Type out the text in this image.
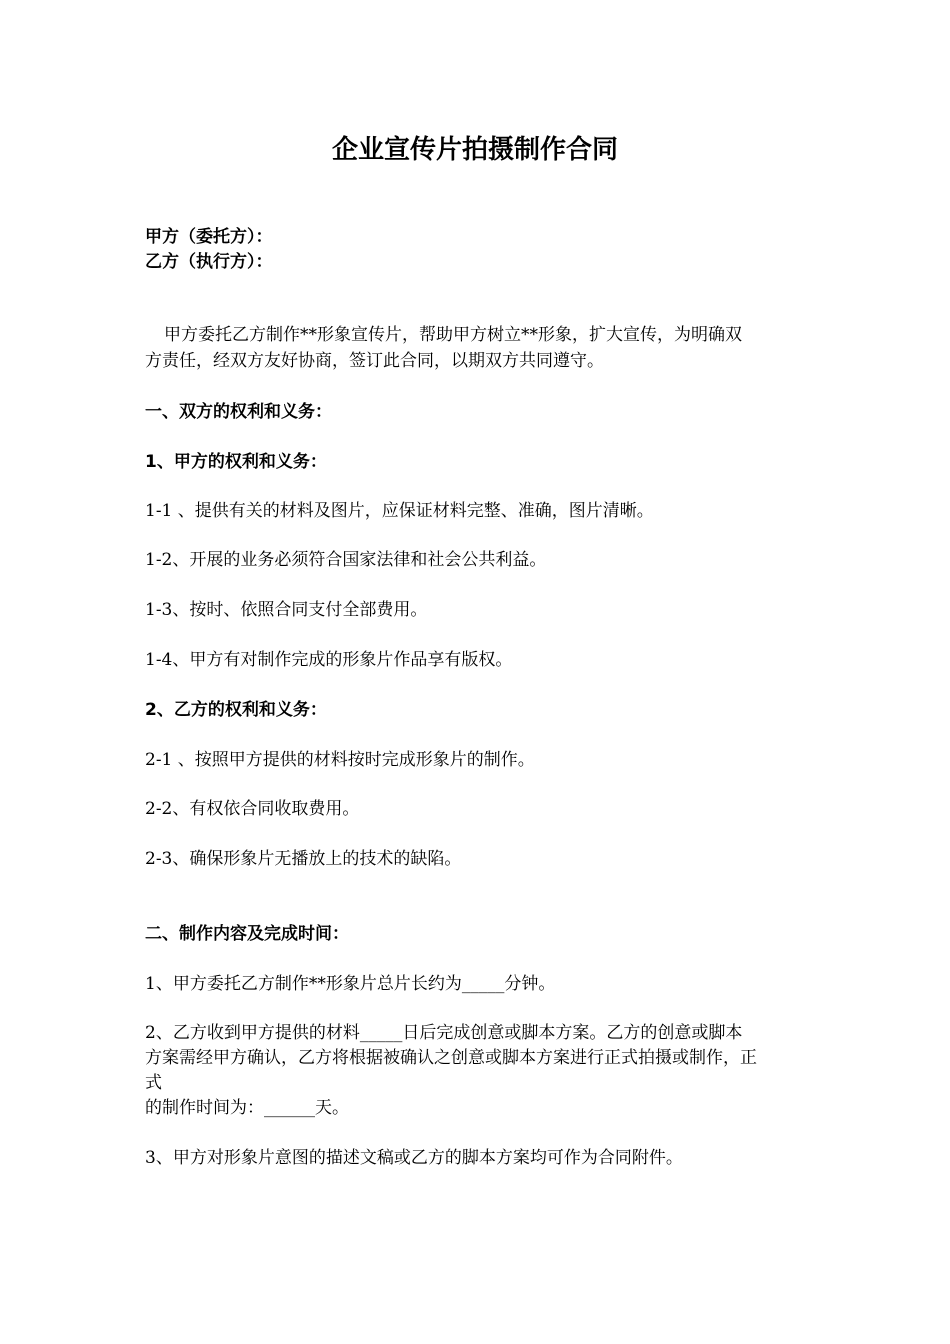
企业宣传片拍摄制作合同
甲方（委托方）：
乙方（执行方）：
甲方委托乙方制作**形象宣传片，帮助甲方树立**形象，扩大宣传，为明确双
方责任，经双方友好协商，签订此合同，以期双方共同遵守。
一、双方的权利和义务：
1、甲方的权利和义务：
1-1 、提供有关的材料及图片，应保证材料完整、准确，图片清晰。
1-2、开展的业务必须符合国家法律和社会公共利益。
1-3、按时、依照合同支付全部费用。
1-4、甲方有对制作完成的形象片作品享有版权。
2、乙方的权利和义务：
2-1 、按照甲方提供的材料按时完成形象片的制作。
2-2、有权依合同收取费用。
2-3、确保形象片无播放上的技术的缺陷。
二、制作内容及完成时间：
1、甲方委托乙方制作**形象片总片长约为_____分钟。
2、乙方收到甲方提供的材料_____日后完成创意或脚本方案。乙方的创意或脚本
方案需经甲方确认，乙方将根据被确认之创意或脚本方案进行正式拍摄或制作，正
式
的制作时间为：______天。
3、甲方对形象片意图的描述文稿或乙方的脚本方案均可作为合同附件。
